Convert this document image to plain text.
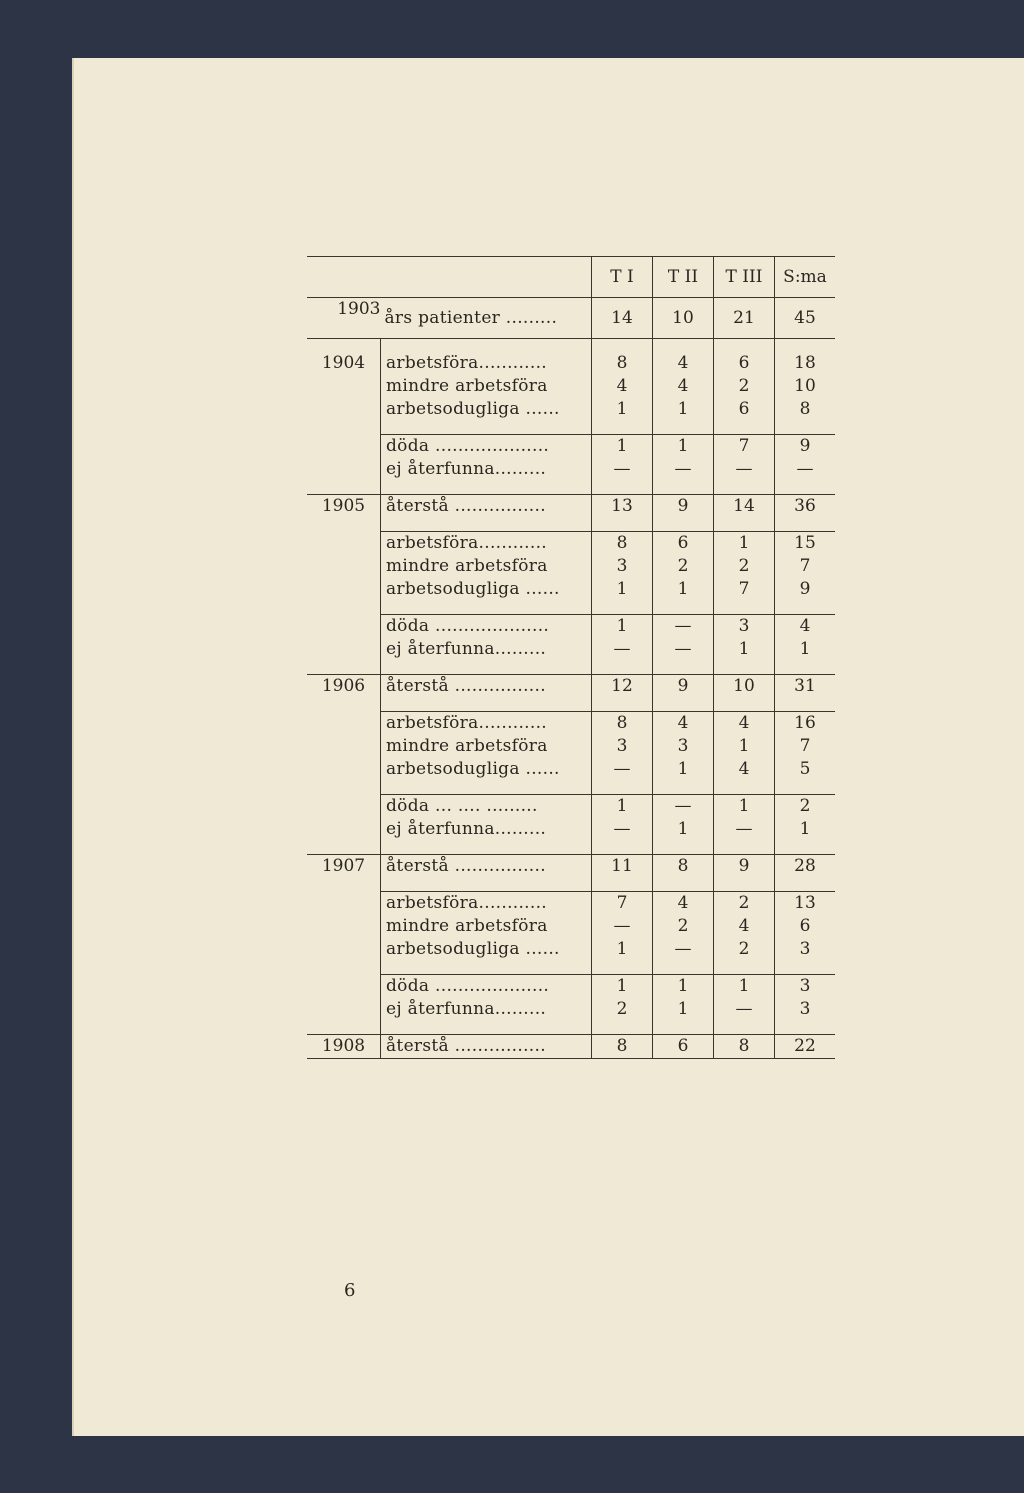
		T I	T II	T III	S:ma
1903	års patienter .........	14	10	21	45

1904	arbetsföra............	8	4	6	18
	mindre arbetsföra	4	4	2	10
	arbetsodugliga ......	1	1	6	8

	döda ....................	1	1	7	9
	ej återfunna.........	—	—	—	—

1905	återstå ................	13	9	14	36

	arbetsföra............	8	6	1	15
	mindre arbetsföra	3	2	2	7
	arbetsodugliga ......	1	1	7	9

	döda ....................	1	—	3	4
	ej återfunna.........	—	—	1	1

1906	återstå ................	12	9	10	31

	arbetsföra............	8	4	4	16
	mindre arbetsföra	3	3	1	7
	arbetsodugliga ......	—	1	4	5

	döda ... .... .........	1	—	1	2
	ej återfunna.........	—	1	—	1

1907	återstå ................	11	8	9	28

	arbetsföra............	7	4	2	13
	mindre arbetsföra	—	2	4	6
	arbetsodugliga ......	1	—	2	3

	döda ....................	1	1	1	3
	ej återfunna.........	2	1	—	3

1908	återstå ................	8	6	8	22
6
